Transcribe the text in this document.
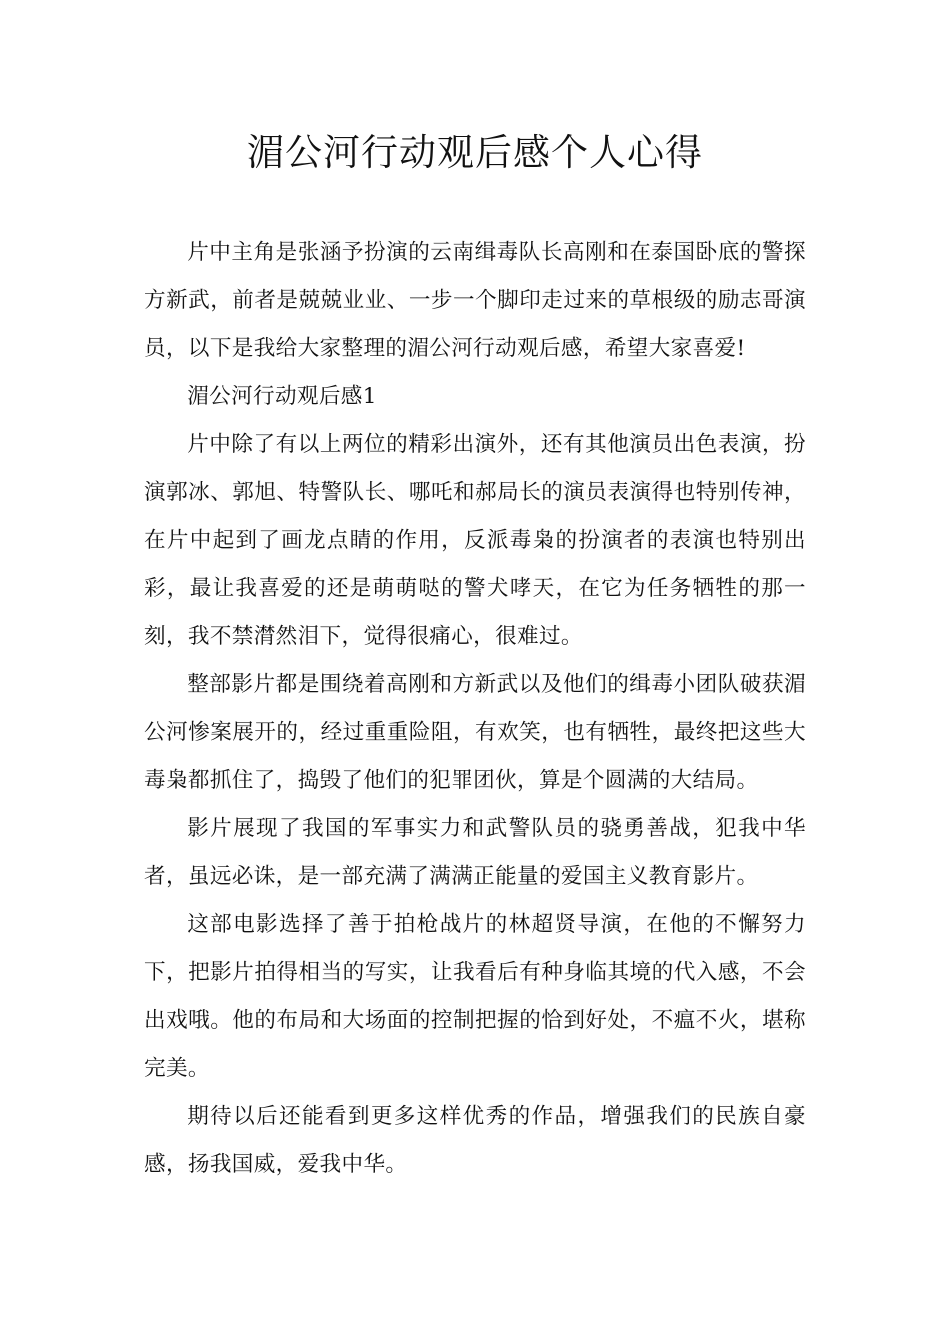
湄公河行动观后感个人心得

片中主角是张涵予扮演的云南缉毒队长高刚和在泰国卧底的警探方新武，前者是兢兢业业、一步一个脚印走过来的草根级的励志哥演员，以下是我给大家整理的湄公河行动观后感，希望大家喜爱!

湄公河行动观后感1

片中除了有以上两位的精彩出演外，还有其他演员出色表演，扮演郭冰、郭旭、特警队长、哪吒和郝局长的演员表演得也特别传神，在片中起到了画龙点睛的作用，反派毒枭的扮演者的表演也特别出彩，最让我喜爱的还是萌萌哒的警犬哮天，在它为任务牺牲的那一刻，我不禁潸然泪下，觉得很痛心，很难过。

整部影片都是围绕着高刚和方新武以及他们的缉毒小团队破获湄公河惨案展开的，经过重重险阻，有欢笑，也有牺牲，最终把这些大毒枭都抓住了，捣毁了他们的犯罪团伙，算是个圆满的大结局。

影片展现了我国的军事实力和武警队员的骁勇善战，犯我中华者，虽远必诛，是一部充满了满满正能量的爱国主义教育影片。

这部电影选择了善于拍枪战片的林超贤导演，在他的不懈努力下，把影片拍得相当的写实，让我看后有种身临其境的代入感，不会出戏哦。他的布局和大场面的控制把握的恰到好处，不瘟不火，堪称完美。

期待以后还能看到更多这样优秀的作品，增强我们的民族自豪感，扬我国威，爱我中华。
